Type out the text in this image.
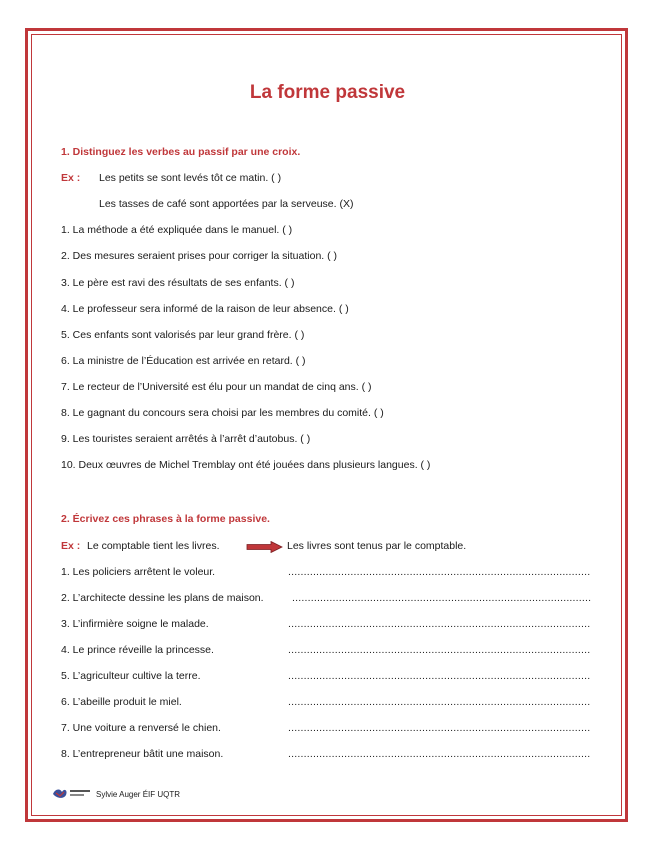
La forme passive
1. Distinguez les verbes au passif par une croix.
Ex : Les petits se sont levés tôt ce matin. ( )
Les tasses de café sont apportées par la serveuse. (X)
1. La méthode a été expliquée dans le manuel. ( )
2. Des mesures seraient prises pour corriger la situation. ( )
3. Le père est ravi des résultats de ses enfants. ( )
4. Le professeur sera informé de la raison de leur absence. ( )
5. Ces enfants sont valorisés par leur grand frère. ( )
6. La ministre de l’Éducation est arrivée en retard. ( )
7. Le recteur de l’Université est élu pour un mandat de cinq ans. ( )
8. Le gagnant du concours sera choisi par les membres du comité. ( )
9. Les touristes seraient arrêtés à l’arrêt d’autobus. ( )
10. Deux œuvres de Michel Tremblay ont été jouées dans plusieurs langues. ( )
2. Écrivez ces phrases à la forme passive.
Ex : Le comptable tient les livres.	Les livres sont tenus par le comptable.
1. Les policiers arrêtent le voleur.	.................................................................................................
2. L’architecte dessine les plans de maison.	................................................................................................
3. L’infirmière soigne le malade.	.................................................................................................
4. Le prince réveille la princesse.	.................................................................................................
5. L’agriculteur cultive la terre.	.................................................................................................
6. L’abeille produit le miel.	.................................................................................................
7. Une voiture a renversé le chien.	.................................................................................................
8. L’entrepreneur bâtit une maison.	.................................................................................................
Sylvie Auger ÉIF UQTR
